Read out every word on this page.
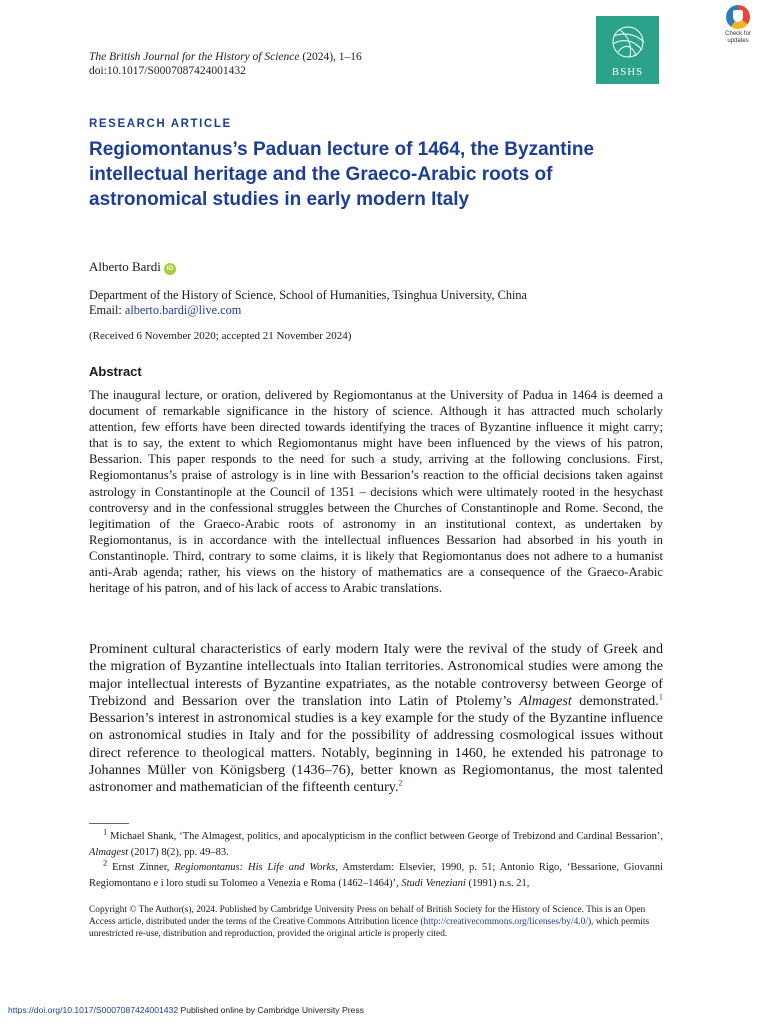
The British Journal for the History of Science (2024), 1–16
doi:10.1017/S0007087424001432	BSHS
Check for
updates
RESEARCH ARTICLE
Regiomontanus’s Paduan lecture of 1464, the Byzantine intellectual heritage and the Graeco-Arabic roots of astronomical studies in early modern Italy
Alberto Bardi iD
Department of the History of Science, School of Humanities, Tsinghua University, China
Email: alberto.bardi@live.com
(Received 6 November 2020; accepted 21 November 2024)
Abstract

The inaugural lecture, or oration, delivered by Regiomontanus at the University of Padua in 1464 is deemed a document of remarkable significance in the history of science. Although it has attracted much scholarly attention, few efforts have been directed towards identifying the traces of Byzantine influence it might carry; that is to say, the extent to which Regiomontanus might have been influenced by the views of his patron, Bessarion. This paper responds to the need for such a study, arriving at the following conclusions. First, Regiomontanus’s praise of astrology is in line with Bessarion’s reaction to the official decisions taken against astrology in Constantinople at the Council of 1351 – decisions which were ultimately rooted in the hesychast controversy and in the confessional struggles between the Churches of Constantinople and Rome. Second, the legitimation of the Graeco-Arabic roots of astronomy in an institutional context, as undertaken by Regiomontanus, is in accordance with the intellectual influences Bessarion had absorbed in his youth in Constantinople. Third, contrary to some claims, it is likely that Regiomontanus does not adhere to a humanist anti-Arab agenda; rather, his views on the history of mathematics are a consequence of the Graeco-Arabic heritage of his patron, and of his lack of access to Arabic translations.

Prominent cultural characteristics of early modern Italy were the revival of the study of Greek and the migration of Byzantine intellectuals into Italian territories. Astronomical studies were among the major intellectual interests of Byzantine expatriates, as the notable controversy between George of Trebizond and Bessarion over the translation into Latin of Ptolemy’s Almagest demonstrated.$^1$ Bessarion’s interest in astronomical studies is a key example for the study of the Byzantine influence on astronomical studies in Italy and for the possibility of addressing cosmological issues without direct reference to theological matters. Notably, beginning in 1460, he extended his patronage to Johannes Müller von Königsberg (1436–76), better known as Regiomontanus, the most talented astronomer and mathematician of the fifteenth century.$^2$

$^1$ Michael Shank, ‘The Almagest, politics, and apocalypticism in the conflict between George of Trebizond and Cardinal Bessarion’, Almagest (2017) 8(2), pp. 49–83.

$^2$ Ernst Zinner, Regiomontanus: His Life and Works, Amsterdam: Elsevier, 1990, p. 51; Antonio Rigo, ‘Bessarione, Giovanni Regiomontano e i loro studi su Tolomeo a Venezia e Roma (1462–1464)’, Studi Veneziani (1991) n.s. 21,

Copyright © The Author(s), 2024. Published by Cambridge University Press on behalf of British Society for the History of Science. This is an Open Access article, distributed under the terms of the Creative Commons Attribution licence (http://creativecommons.org/licenses/by/4.0/), which permits unrestricted re-use, distribution and reproduction, provided the original article is properly cited.

https://doi.org/10.1017/S0007087424001432 Published online by Cambridge University Press
